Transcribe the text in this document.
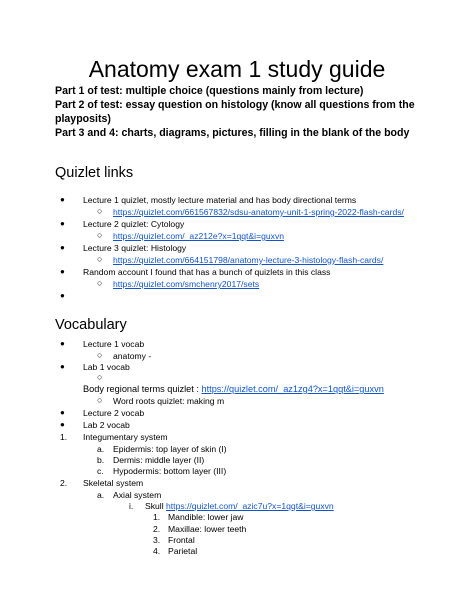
Anatomy exam 1 study guide
Part 1 of test: multiple choice (questions mainly from lecture)
Part 2 of test: essay question on histology (know all questions from the
playposits)
Part 3 and 4: charts, diagrams, pictures, filling in the blank of the body
Quizlet links
● Lecture 1 quizlet, mostly lecture material and has body directional terms
○ https://quizlet.com/661567832/sdsu-anatomy-unit-1-spring-2022-flash-cards/
● Lecture 2 quizlet: Cytology
○ https://quizlet.com/_az212e?x=1qqt&i=guxvn
● Lecture 3 quizlet: Histology
○ https://quizlet.com/664151798/anatomy-lecture-3-histology-flash-cards/
● Random account I found that has a bunch of quizlets in this class
○ https://quizlet.com/smchenry2017/sets
●
Vocabulary
● Lecture 1 vocab
○ anatomy -
● Lab 1 vocab
○
Body regional terms quizlet : https://quizlet.com/_az1zg4?x=1qqt&i=guxvn
○ Word roots quizlet: making m
● Lecture 2 vocab
● Lab 2 vocab
1. Integumentary system
a. Epidermis: top layer of skin (I)
b. Dermis: middle layer (II)
c. Hypodermis: bottom layer (III)
2. Skeletal system
a. Axial system
i. Skull https://quizlet.com/_azic7u?x=1qqt&i=guxvn
1. Mandible: lower jaw
2. Maxillae: lower teeth
3. Frontal
4. Parietal
